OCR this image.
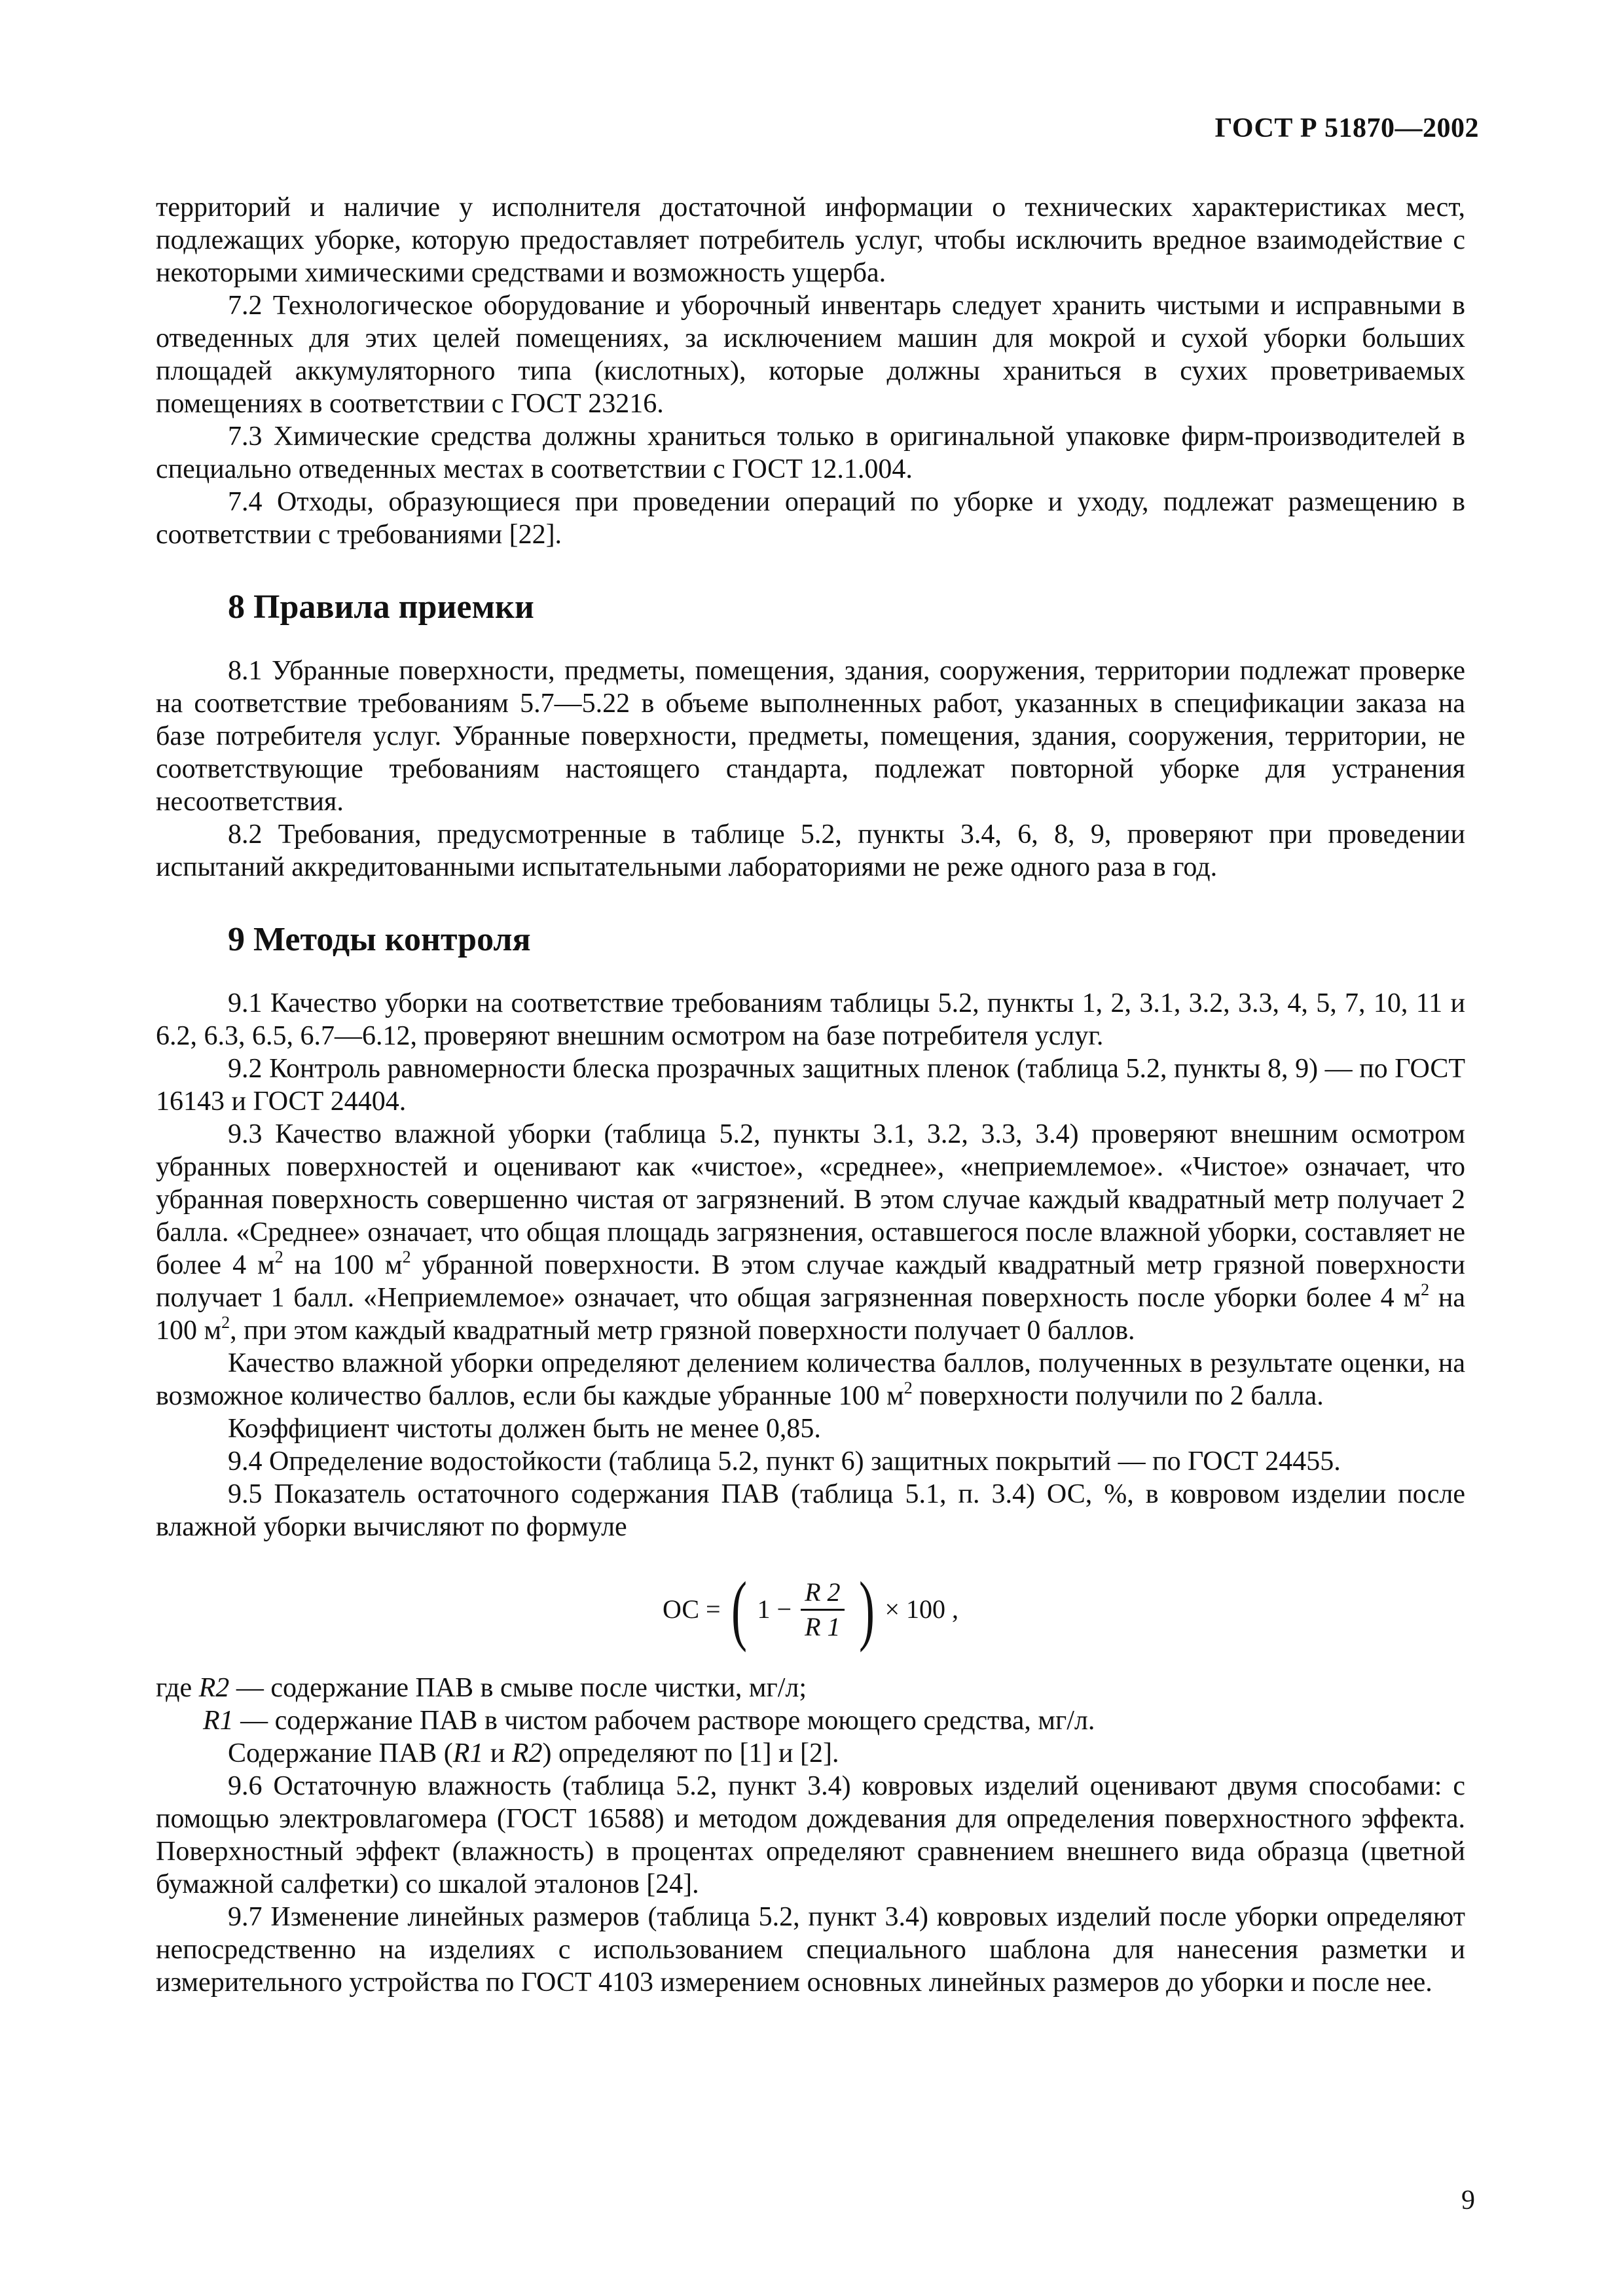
ГОСТ Р 51870—2002

территорий и наличие у исполнителя достаточной информации о технических характеристиках мест, подлежащих уборке, которую предоставляет потребитель услуг, чтобы исключить вредное взаимодействие с некоторыми химическими средствами и возможность ущерба.

7.2 Технологическое оборудование и уборочный инвентарь следует хранить чистыми и исправными в отведенных для этих целей помещениях, за исключением машин для мокрой и сухой уборки больших площадей аккумуляторного типа (кислотных), которые должны храниться в сухих проветриваемых помещениях в соответствии с ГОСТ 23216.

7.3 Химические средства должны храниться только в оригинальной упаковке фирм-производителей в специально отведенных местах в соответствии с ГОСТ 12.1.004.

7.4 Отходы, образующиеся при проведении операций по уборке и уходу, подлежат размещению в соответствии с требованиями [22].

8 Правила приемки

8.1 Убранные поверхности, предметы, помещения, здания, сооружения, территории подлежат проверке на соответствие требованиям 5.7—5.22 в объеме выполненных работ, указанных в спецификации заказа на базе потребителя услуг. Убранные поверхности, предметы, помещения, здания, сооружения, территории, не соответствующие требованиям настоящего стандарта, подлежат повторной уборке для устранения несоответствия.

8.2 Требования, предусмотренные в таблице 5.2, пункты 3.4, 6, 8, 9, проверяют при проведении испытаний аккредитованными испытательными лабораториями не реже одного раза в год.

9 Методы контроля

9.1 Качество уборки на соответствие требованиям таблицы 5.2, пункты 1, 2, 3.1, 3.2, 3.3, 4, 5, 7, 10, 11 и 6.2, 6.3, 6.5, 6.7—6.12, проверяют внешним осмотром на базе потребителя услуг.

9.2 Контроль равномерности блеска прозрачных защитных пленок (таблица 5.2, пункты 8, 9) — по ГОСТ 16143 и ГОСТ 24404.

9.3 Качество влажной уборки (таблица 5.2, пункты 3.1, 3.2, 3.3, 3.4) проверяют внешним осмотром убранных поверхностей и оценивают как «чистое», «среднее», «неприемлемое». «Чистое» означает, что убранная поверхность совершенно чистая от загрязнений. В этом случае каждый квадратный метр получает 2 балла. «Среднее» означает, что общая площадь загрязнения, оставшегося после влажной уборки, составляет не более 4 $м^2$ на 100 $м^2$ убранной поверхности. В этом случае каждый квадратный метр грязной поверхности получает 1 балл. «Неприемлемое» означает, что общая загрязненная поверхность после уборки более 4 $м^2$ на 100 $м^2$, при этом каждый квадратный метр грязной поверхности получает 0 баллов.

Качество влажной уборки определяют делением количества баллов, полученных в результате оценки, на возможное количество баллов, если бы каждые убранные 100 $м^2$ поверхности получили по 2 балла.

Коэффициент чистоты должен быть не менее 0,85.

9.4 Определение водостойкости (таблица 5.2, пункт 6) защитных покрытий — по ГОСТ 24455.

9.5 Показатель остаточного содержания ПАВ (таблица 5.1, п. 3.4) ОС, %, в ковровом изделии после влажной уборки вычисляют по формуле

ОС = ( $1 - \frac{R 2}{R 1}$ ) × 100 ,

где R2 — содержание ПАВ в смыве после чистки, мг/л;

R1 — содержание ПАВ в чистом рабочем растворе моющего средства, мг/л.

Содержание ПАВ (R1 и R2) определяют по [1] и [2].

9.6 Остаточную влажность (таблица 5.2, пункт 3.4) ковровых изделий оценивают двумя способами: с помощью электровлагомера (ГОСТ 16588) и методом дождевания для определения поверхностного эффекта. Поверхностный эффект (влажность) в процентах определяют сравнением внешнего вида образца (цветной бумажной салфетки) со шкалой эталонов [24].

9.7 Изменение линейных размеров (таблица 5.2, пункт 3.4) ковровых изделий после уборки определяют непосредственно на изделиях с использованием специального шаблона для нанесения разметки и измерительного устройства по ГОСТ 4103 измерением основных линейных размеров до уборки и после нее.

9
